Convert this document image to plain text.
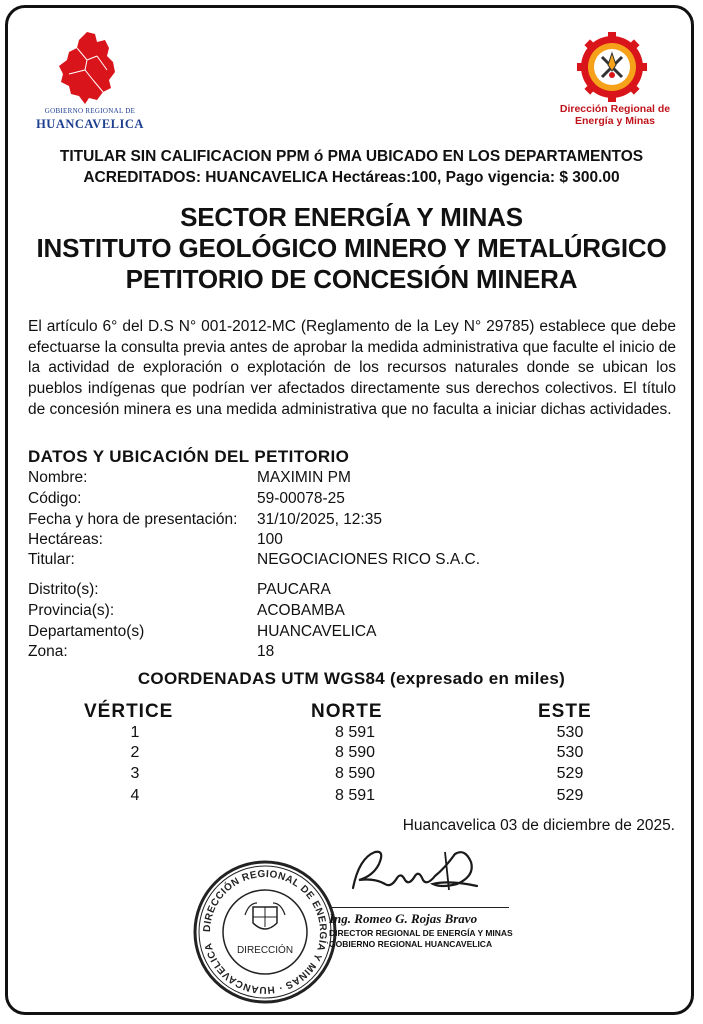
GOBIERNO REGIONAL DE
HUANCAVELICA
Dirección Regional de
Energía y Minas
TITULAR SIN CALIFICACION PPM ó PMA UBICADO EN LOS DEPARTAMENTOS
ACREDITADOS: HUANCAVELICA Hectáreas:100, Pago vigencia: $ 300.00
SECTOR ENERGÍA Y MINAS
INSTITUTO GEOLÓGICO MINERO Y METALÚRGICO
PETITORIO DE CONCESIÓN MINERA
El artículo 6° del D.S N° 001-2012-MC (Reglamento de la Ley N° 29785) establece que debe efectuarse la consulta previa antes de aprobar la medida administrativa que faculte el inicio de la actividad de exploración o explotación de los recursos naturales donde se ubican los pueblos indígenas que podrían ver afectados directamente sus derechos colectivos. El título de concesión minera es una medida administrativa que no faculta a iniciar dichas actividades.
DATOS Y UBICACIÓN DEL PETITORIO
Nombre:	MAXIMIN PM
Código:	59-00078-25
Fecha y hora de presentación: 31/10/2025, 12:35
Hectáreas:	100
Titular:	NEGOCIACIONES RICO S.A.C.
Distrito(s):	PAUCARA
Provincia(s):	ACOBAMBA
Departamento(s)	HUANCAVELICA
Zona:	18
COORDENADAS UTM WGS84 (expresado en miles)
VÉRTICE	NORTE	ESTE
1	8 591	530
2	8 590	530
3	8 590	529
4	8 591	529
Huancavelica 03 de diciembre de 2025.
DIRECCIÓN REGIONAL DE ENERGÍA Y MINAS · HUANCAVELICA	DIRECCIÓN
Ing. Romeo G. Rojas Bravo
DIRECTOR REGIONAL DE ENERGÍA Y MINAS
GOBIERNO REGIONAL HUANCAVELICA
